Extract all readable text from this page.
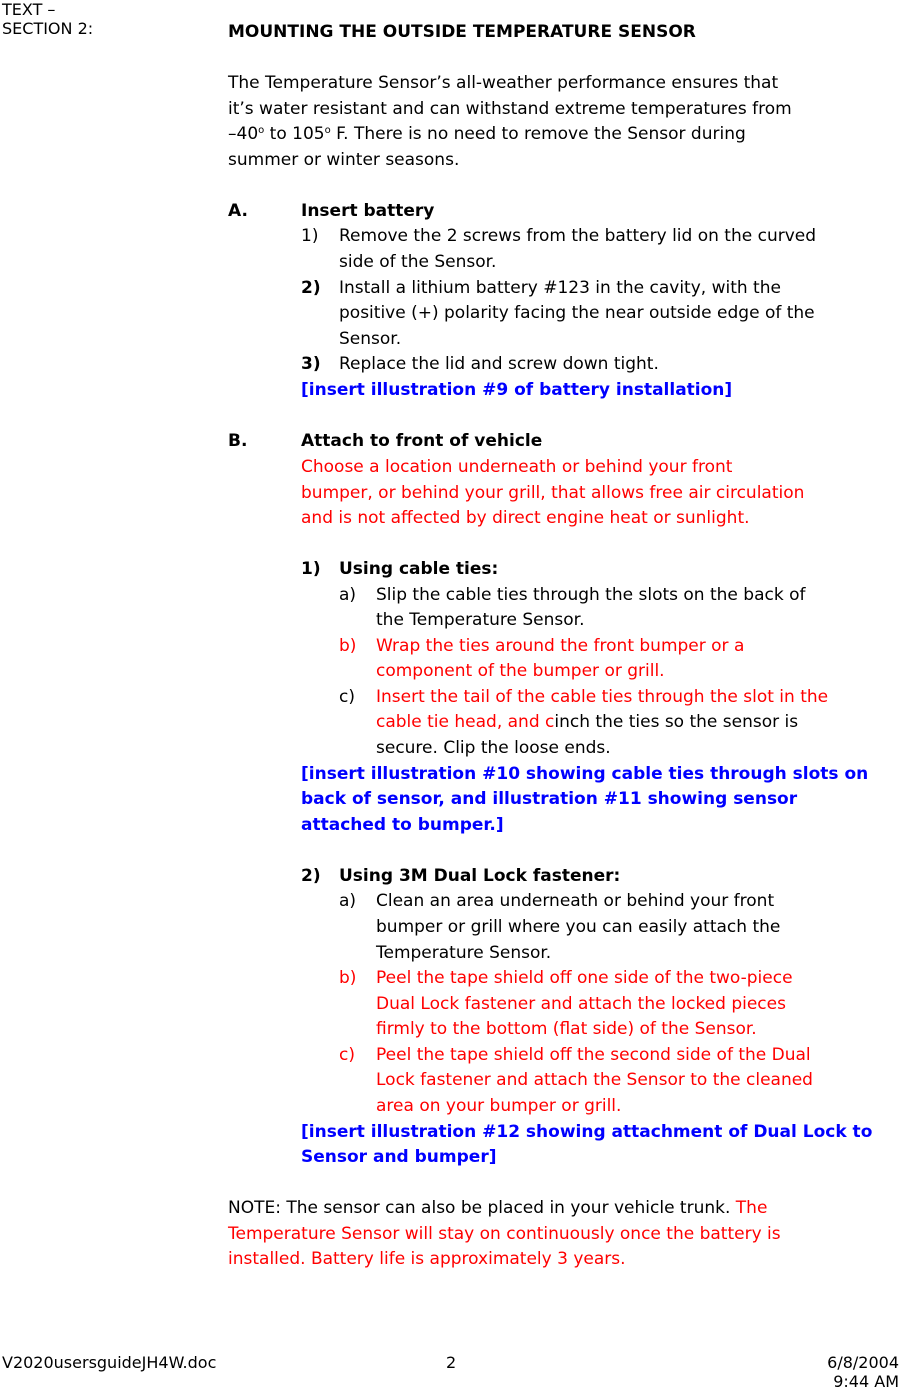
TEXT –
SECTION 2:	MOUNTING THE OUTSIDE TEMPERATURE SENSOR
The Temperature Sensor’s all-weather performance ensures that
it’s water resistant and can withstand extreme temperatures from
–40$^o$ to 105$^o$ F. There is no need to remove the Sensor during
summer or winter seasons.
A.	Insert battery
1) Remove the 2 screws from the battery lid on the curved
side of the Sensor.
2) Install a lithium battery #123 in the cavity, with the
positive (+) polarity facing the near outside edge of the
Sensor.
3) Replace the lid and screw down tight.
[insert illustration #9 of battery installation]
B.	Attach to front of vehicle
Choose a location underneath or behind your front
bumper, or behind your grill, that allows free air circulation
and is not affected by direct engine heat or sunlight.
1) Using cable ties:
a) Slip the cable ties through the slots on the back of
the Temperature Sensor.
b) Wrap the ties around the front bumper or a
component of the bumper or grill.
c) Insert the tail of the cable ties through the slot in the
cable tie head, and cinch the ties so the sensor is
secure. Clip the loose ends.
[insert illustration #10 showing cable ties through slots on
back of sensor, and illustration #11 showing sensor
attached to bumper.]
2) Using 3M Dual Lock fastener:
a) Clean an area underneath or behind your front
bumper or grill where you can easily attach the
Temperature Sensor.
b) Peel the tape shield off one side of the two-piece
Dual Lock fastener and attach the locked pieces
firmly to the bottom (flat side) of the Sensor.
c) Peel the tape shield off the second side of the Dual
Lock fastener and attach the Sensor to the cleaned
area on your bumper or grill.
[insert illustration #12 showing attachment of Dual Lock to
Sensor and bumper]
NOTE: The sensor can also be placed in your vehicle trunk. The
Temperature Sensor will stay on continuously once the battery is
installed. Battery life is approximately 3 years.
V2020usersguideJH4W.doc	2	6/8/2004
9:44 AM
